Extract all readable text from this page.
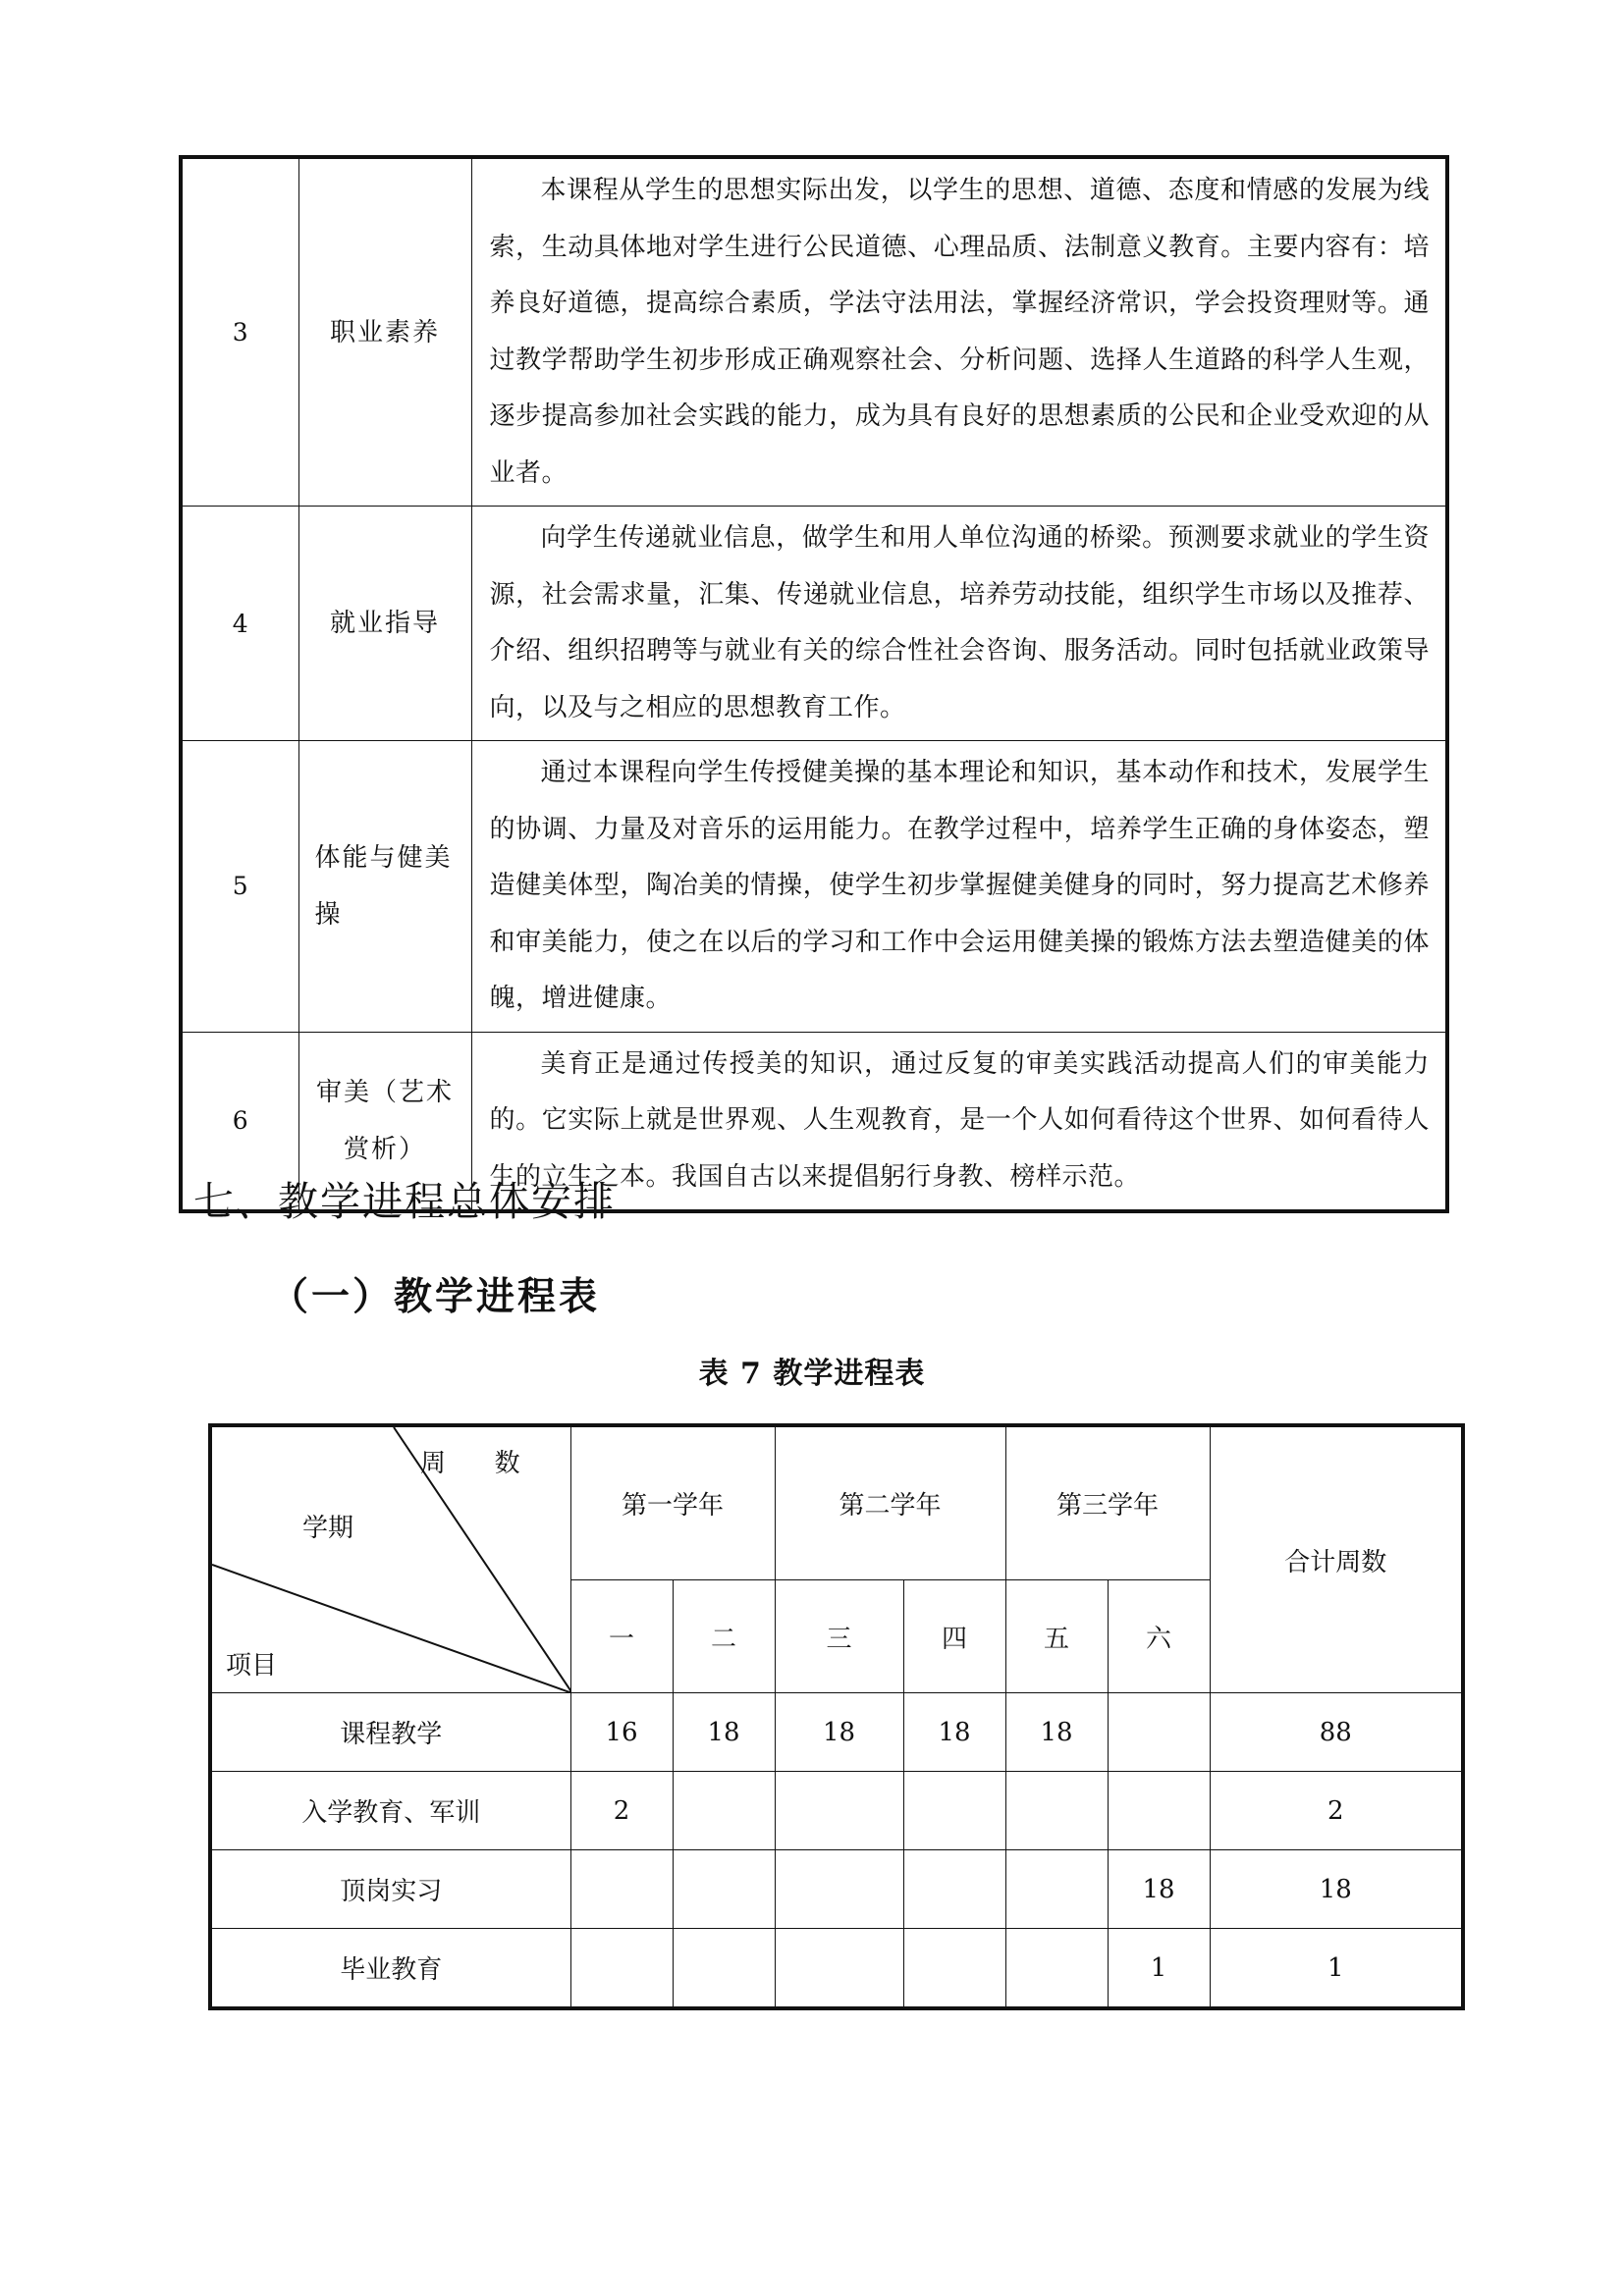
3	职业素养	本课程从学生的思想实际出发，以学生的思想、道德、态度和情感的发展为线索，生动具体地对学生进行公民道德、心理品质、法制意义教育。主要内容有：培养良好道德，提高综合素质，学法守法用法，掌握经济常识，学会投资理财等。通过教学帮助学生初步形成正确观察社会、分析问题、选择人生道路的科学人生观，逐步提高参加社会实践的能力，成为具有良好的思想素质的公民和企业受欢迎的从业者。
4	就业指导	向学生传递就业信息，做学生和用人单位沟通的桥梁。预测要求就业的学生资源，社会需求量，汇集、传递就业信息，培养劳动技能，组织学生市场以及推荐、介绍、组织招聘等与就业有关的综合性社会咨询、服务活动。同时包括就业政策导向，以及与之相应的思想教育工作。
5	体能与健美操	通过本课程向学生传授健美操的基本理论和知识，基本动作和技术，发展学生的协调、力量及对音乐的运用能力。在教学过程中，培养学生正确的身体姿态，塑造健美体型，陶冶美的情操，使学生初步掌握健美健身的同时，努力提高艺术修养和审美能力，使之在以后的学习和工作中会运用健美操的锻炼方法去塑造健美的体魄，增进健康。
6	审美（艺术赏析）	美育正是通过传授美的知识，通过反复的审美实践活动提高人们的审美能力的。它实际上就是世界观、人生观教育，是一个人如何看待这个世界、如何看待人生的立生之本。我国自古以来提倡躬行身教、榜样示范。
七、教学进程总体安排
（一）教学进程表
表 7 教学进程表
周      数
学期
项目	第一学年		第二学年		第三学年		合计周数
	一	二	三	四	五	六	
课程教学	16	18	18	18	18		88
入学教育、军训	2						2
顶岗实习						18	18
毕业教育						1	1
